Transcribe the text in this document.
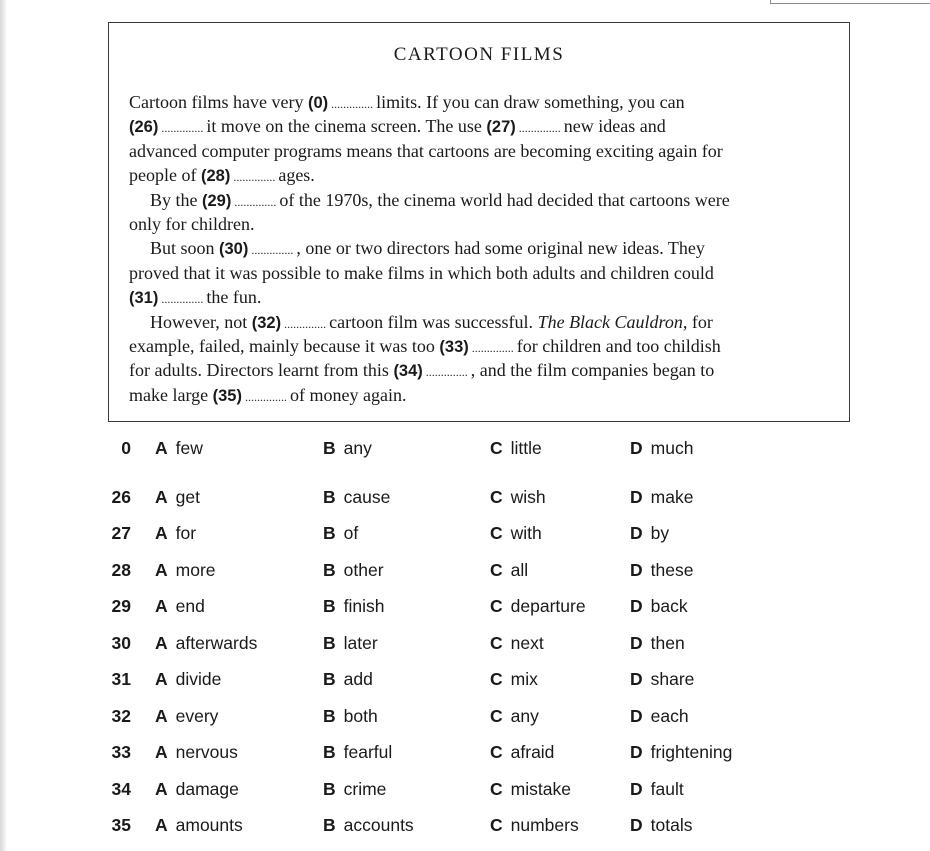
CARTOON FILMS
Cartoon films have very (0) .............. limits. If you can draw something, you can
(26) .............. it move on the cinema screen. The use (27) .............. new ideas and
advanced computer programs means that cartoons are becoming exciting again for
people of (28) .............. ages.
By the (29) .............. of the 1970s, the cinema world had decided that cartoons were
only for children.
But soon (30) .............. , one or two directors had some original new ideas. They
proved that it was possible to make films in which both adults and children could
(31) .............. the fun.
However, not (32) .............. cartoon film was successful. The Black Cauldron, for
example, failed, mainly because it was too (33) .............. for children and too childish
for adults. Directors learnt from this (34) .............. , and the film companies began to
make large (35) .............. of money again.
0 A few	B any	C little	D much
26 A get	B cause	C wish	D make
27 A for	B of	C with	D by
28 A more	B other	C all	D these
29 A end	B finish	C departure	D back
30 A afterwards	B later	C next	D then
31 A divide	B add	C mix	D share
32 A every	B both	C any	D each
33 A nervous	B fearful	C afraid	D frightening
34 A damage	B crime	C mistake	D fault
35 A amounts	B accounts	C numbers	D totals
